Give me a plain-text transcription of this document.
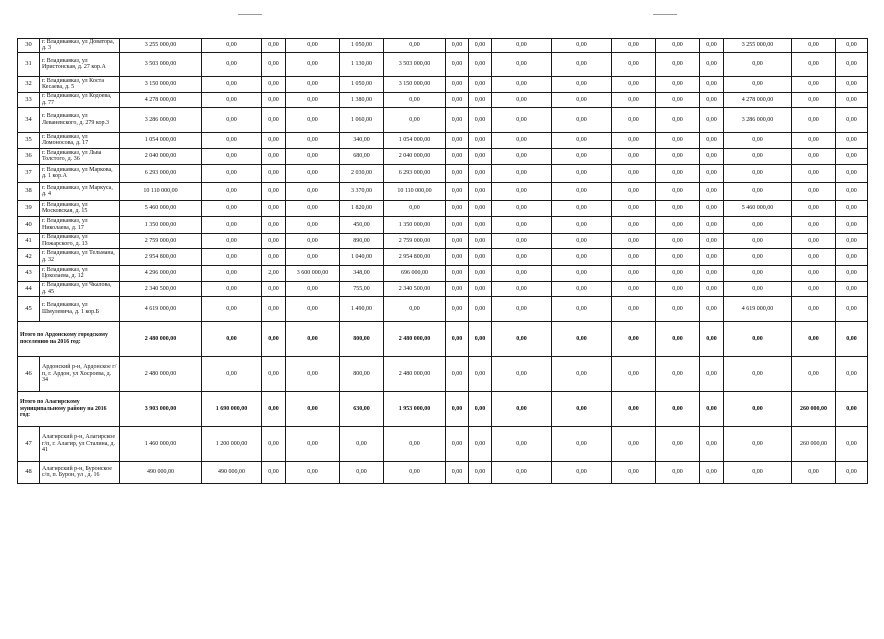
30	г. Владикавказ, ул Доватора, д. 3	3 255 000,00	0,00	0,00	0,00	1 050,00	0,00	0,00	0,00	0,00	0,00	0,00	0,00	0,00	3 255 000,00	0,00	0,00
31	г. Владикавказ, ул Иристонская, д. 27 кор.А	3 503 000,00	0,00	0,00	0,00	1 130,00	3 503 000,00	0,00	0,00	0,00	0,00	0,00	0,00	0,00	0,00	0,00	0,00
32	г. Владикавказ, ул Коста Кесаева, д. 5	3 150 000,00	0,00	0,00	0,00	1 050,00	3 150 000,00	0,00	0,00	0,00	0,00	0,00	0,00	0,00	0,00	0,00	0,00
33	г. Владикавказ, ул Кодоева, д. 77	4 278 000,00	0,00	0,00	0,00	1 380,00	0,00	0,00	0,00	0,00	0,00	0,00	0,00	0,00	4 278 000,00	0,00	0,00
34	г. Владикавказ, ул Леваневского, д. 279 кор.3	3 286 000,00	0,00	0,00	0,00	1 060,00	0,00	0,00	0,00	0,00	0,00	0,00	0,00	0,00	3 286 000,00	0,00	0,00
35	г. Владикавказ, ул Ломоносова, д. 17	1 054 000,00	0,00	0,00	0,00	340,00	1 054 000,00	0,00	0,00	0,00	0,00	0,00	0,00	0,00	0,00	0,00	0,00
36	г. Владикавказ, ул Льва Толстого, д. 36	2 040 000,00	0,00	0,00	0,00	680,00	2 040 000,00	0,00	0,00	0,00	0,00	0,00	0,00	0,00	0,00	0,00	0,00
37	г. Владикавказ, ул Маркова, д. 1 кор.А	6 293 000,00	0,00	0,00	0,00	2 030,00	6 293 000,00	0,00	0,00	0,00	0,00	0,00	0,00	0,00	0,00	0,00	0,00
38	г. Владикавказ, ул Маркуса, д. 4	10 110 000,00	0,00	0,00	0,00	3 370,00	10 110 000,00	0,00	0,00	0,00	0,00	0,00	0,00	0,00	0,00	0,00	0,00
39	г. Владикавказ, ул Московская, д. 15	5 460 000,00	0,00	0,00	0,00	1 820,00	0,00	0,00	0,00	0,00	0,00	0,00	0,00	0,00	5 460 000,00	0,00	0,00
40	г. Владикавказ, ул Николаева, д. 17	1 350 000,00	0,00	0,00	0,00	450,00	1 350 000,00	0,00	0,00	0,00	0,00	0,00	0,00	0,00	0,00	0,00	0,00
41	г. Владикавказ, ул Пожарского, д. 13	2 759 000,00	0,00	0,00	0,00	890,00	2 759 000,00	0,00	0,00	0,00	0,00	0,00	0,00	0,00	0,00	0,00	0,00
42	г. Владикавказ, ул Тельмана, д. 32	2 954 800,00	0,00	0,00	0,00	1 040,00	2 954 800,00	0,00	0,00	0,00	0,00	0,00	0,00	0,00	0,00	0,00	0,00
43	г. Владикавказ, ул Цоколаева, д. 12	4 296 000,00	0,00	2,00	3 600 000,00	348,00	696 000,00	0,00	0,00	0,00	0,00	0,00	0,00	0,00	0,00	0,00	0,00
44	г. Владикавказ, ул Чкалова, д. 45	2 340 500,00	0,00	0,00	0,00	755,00	2 340 500,00	0,00	0,00	0,00	0,00	0,00	0,00	0,00	0,00	0,00	0,00
45	г. Владикавказ, ул Шмулевича, д. 1 кор.Б	4 619 000,00	0,00	0,00	0,00	1 490,00	0,00	0,00	0,00	0,00	0,00	0,00	0,00	0,00	4 619 000,00	0,00	0,00
Итого по Ардонскому городскому поселению на 2016 год:		2 480 000,00	0,00	0,00	0,00	800,00	2 480 000,00	0,00	0,00	0,00	0,00	0,00	0,00	0,00	0,00	0,00	0,00
46	Ардонский р-н, Ардонское г/п, г. Ардон, ул Хосроева, д. 34	2 480 000,00	0,00	0,00	0,00	800,00	2 480 000,00	0,00	0,00	0,00	0,00	0,00	0,00	0,00	0,00	0,00	0,00
Итого по Алагирскому муниципальному району на 2016 год:		3 903 000,00	1 690 000,00	0,00	0,00	630,00	1 953 000,00	0,00	0,00	0,00	0,00	0,00	0,00	0,00	0,00	260 000,00	0,00
47	Алагирский р-н, Алагирское г/п, г. Алагир, ул Сталина, д. 41	1 460 000,00	1 200 000,00	0,00	0,00	0,00	0,00	0,00	0,00	0,00	0,00	0,00	0,00	0,00	0,00	260 000,00	0,00
48	Алагирский р-н, Буронское с/п, п. Бурон, ул , д. 16	490 000,00	490 000,00	0,00	0,00	0,00	0,00	0,00	0,00	0,00	0,00	0,00	0,00	0,00	0,00	0,00	0,00
